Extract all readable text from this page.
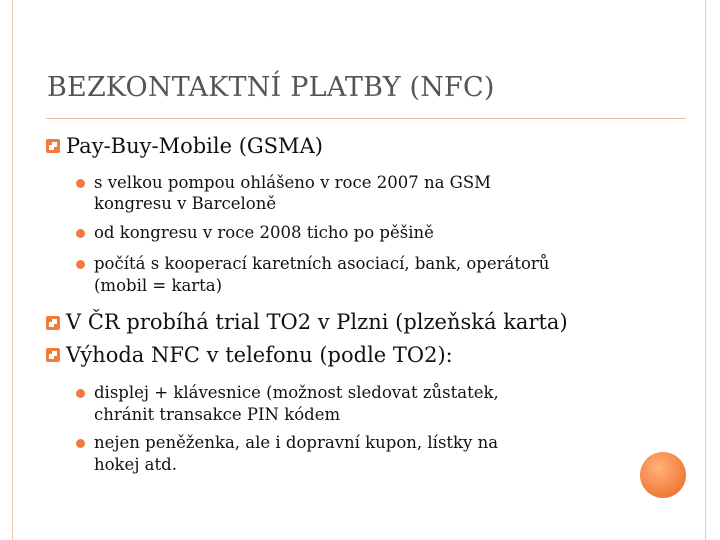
BEZKONTAKTNÍ PLATBY (NFC)
Pay-Buy-Mobile (GSMA)
s velkou pompou ohlášeno v roce 2007 na GSM
kongresu v Barceloně
od kongresu v roce 2008 ticho po pěšině
počítá s kooperací karetních asociací, bank, operátorů
(mobil = karta)
V ČR probíhá trial TO2 v Plzni (plzeňská karta)
Výhoda NFC v telefonu (podle TO2):
displej + klávesnice (možnost sledovat zůstatek,
chránit transakce PIN kódem
nejen peněženka, ale i dopravní kupon, lístky na
hokej atd.
